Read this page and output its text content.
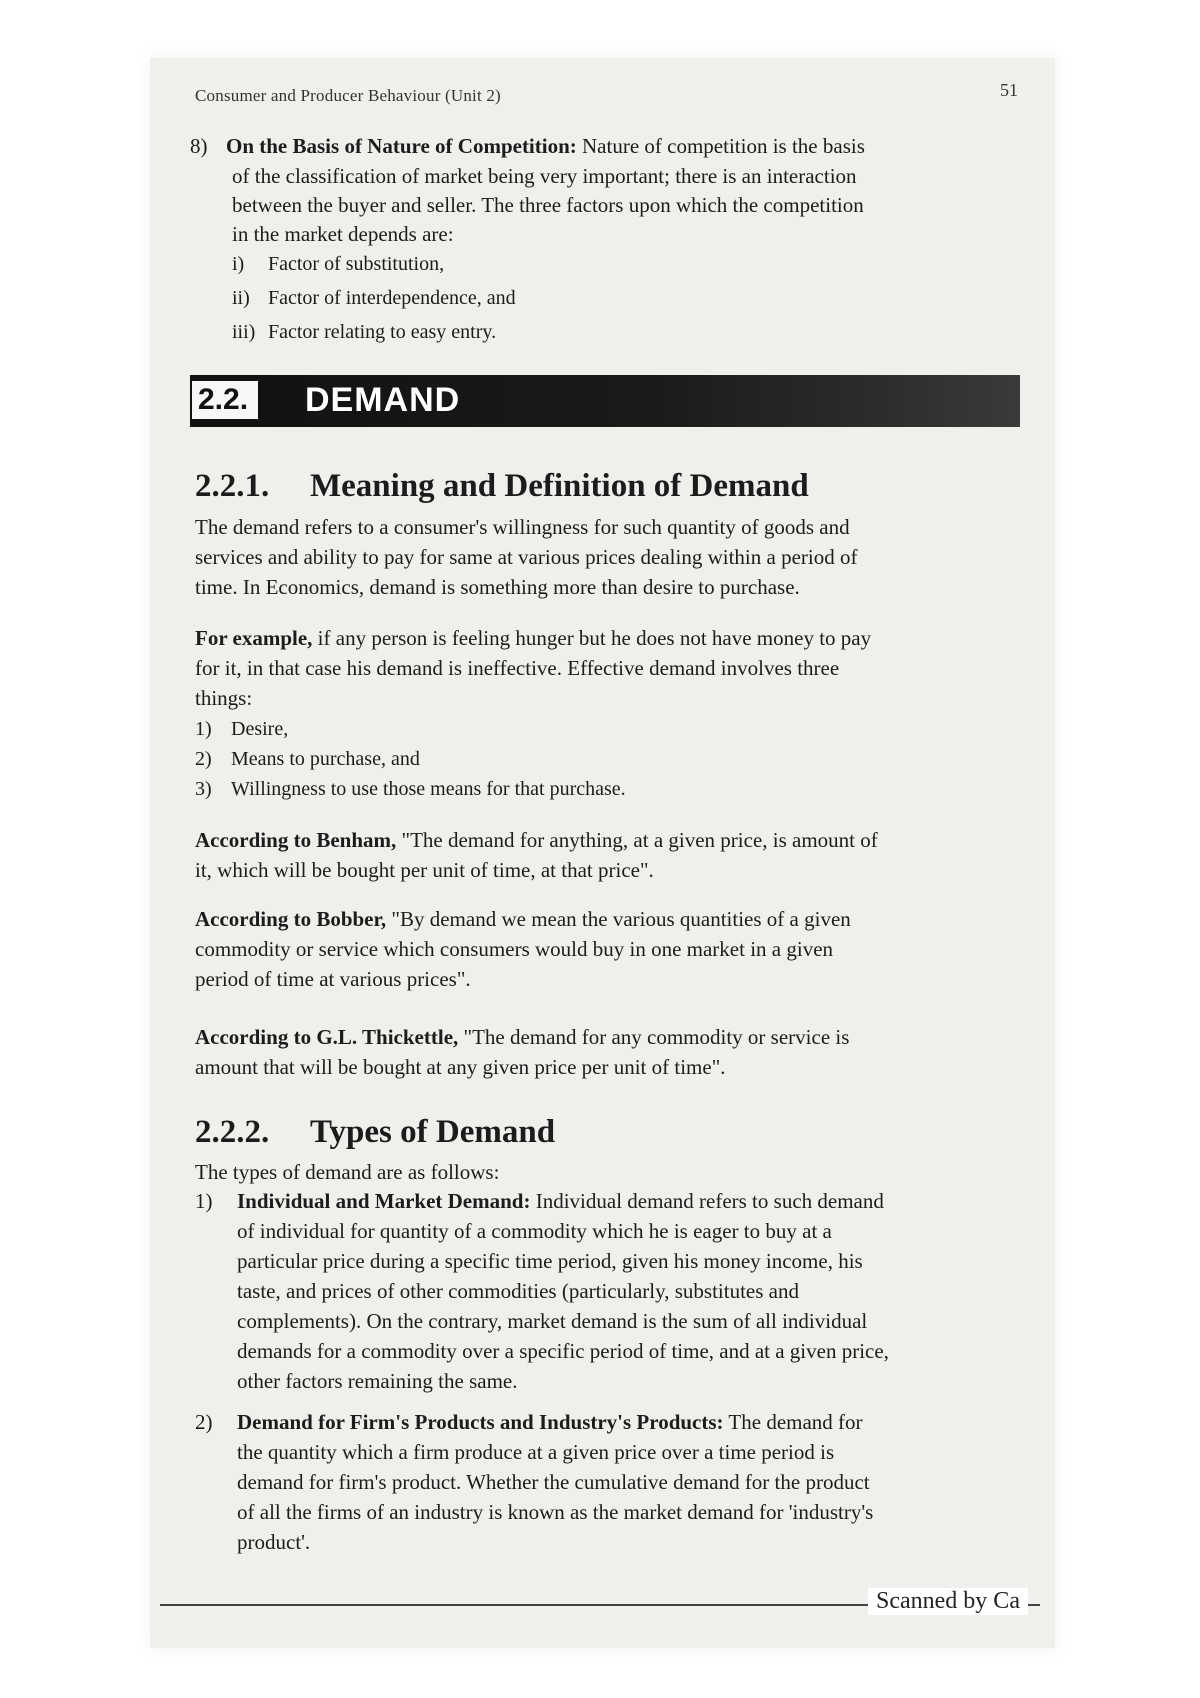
Consumer and Producer Behaviour (Unit 2)	51
8) On the Basis of Nature of Competition: Nature of competition is the basis
of the classification of market being very important; there is an interaction
between the buyer and seller. The three factors upon which the competition
in the market depends are:
i) Factor of substitution,
ii) Factor of interdependence, and
iii) Factor relating to easy entry.
2.2.	DEMAND
2.2.1. Meaning and Definition of Demand
The demand refers to a consumer's willingness for such quantity of goods and
services and ability to pay for same at various prices dealing within a period of
time. In Economics, demand is something more than desire to purchase.
For example, if any person is feeling hunger but he does not have money to pay
for it, in that case his demand is ineffective. Effective demand involves three
things:
1) Desire,
2) Means to purchase, and
3) Willingness to use those means for that purchase.
According to Benham, "The demand for anything, at a given price, is amount of
it, which will be bought per unit of time, at that price".
According to Bobber, "By demand we mean the various quantities of a given
commodity or service which consumers would buy in one market in a given
period of time at various prices".
According to G.L. Thickettle, "The demand for any commodity or service is
amount that will be bought at any given price per unit of time".
2.2.2. Types of Demand
The types of demand are as follows:
1) Individual and Market Demand: Individual demand refers to such demand
of individual for quantity of a commodity which he is eager to buy at a
particular price during a specific time period, given his money income, his
taste, and prices of other commodities (particularly, substitutes and
complements). On the contrary, market demand is the sum of all individual
demands for a commodity over a specific period of time, and at a given price,
other factors remaining the same.
2) Demand for Firm's Products and Industry's Products: The demand for
the quantity which a firm produce at a given price over a time period is
demand for firm's product. Whether the cumulative demand for the product
of all the firms of an industry is known as the market demand for 'industry's
product'.
Scanned by Ca
